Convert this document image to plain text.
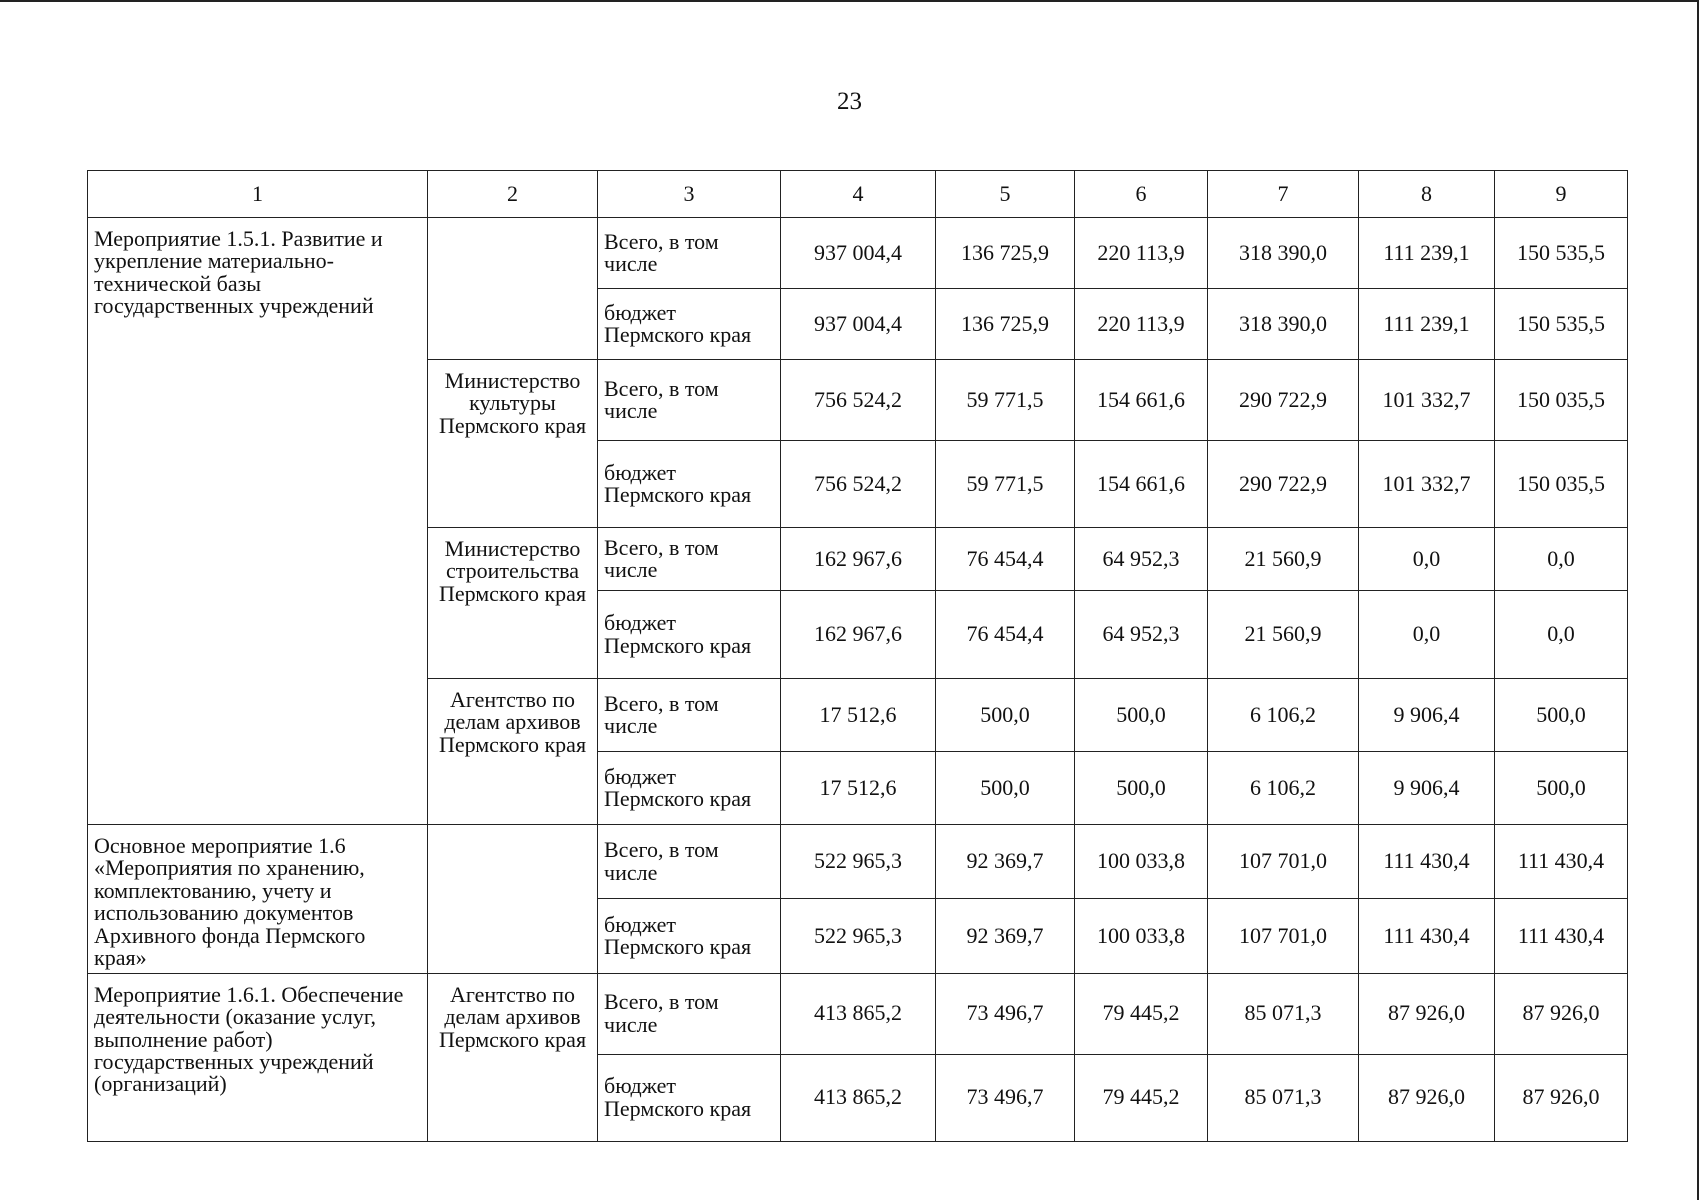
23
1	2	3	4	5	6	7	8	9
Мероприятие 1.5.1. Развитие и укрепление материально-технической базы государственных учреждений		Всего, в том числе	937 004,4	136 725,9	220 113,9	318 390,0	111 239,1	150 535,5
		бюджет Пермского края	937 004,4	136 725,9	220 113,9	318 390,0	111 239,1	150 535,5
	Министерство культуры Пермского края	Всего, в том числе	756 524,2	59 771,5	154 661,6	290 722,9	101 332,7	150 035,5
		бюджет Пермского края	756 524,2	59 771,5	154 661,6	290 722,9	101 332,7	150 035,5
	Министерство строительства Пермского края	Всего, в том числе	162 967,6	76 454,4	64 952,3	21 560,9	0,0	0,0
		бюджет Пермского края	162 967,6	76 454,4	64 952,3	21 560,9	0,0	0,0
	Агентство по делам архивов Пермского края	Всего, в том числе	17 512,6	500,0	500,0	6 106,2	9 906,4	500,0
		бюджет Пермского края	17 512,6	500,0	500,0	6 106,2	9 906,4	500,0
Основное мероприятие 1.6 «Мероприятия по хранению, комплектованию, учету и использованию документов Архивного фонда Пермского края»		Всего, в том числе	522 965,3	92 369,7	100 033,8	107 701,0	111 430,4	111 430,4
		бюджет Пермского края	522 965,3	92 369,7	100 033,8	107 701,0	111 430,4	111 430,4
Мероприятие 1.6.1. Обеспечение деятельности (оказание услуг, выполнение работ) государственных учреждений (организаций)	Агентство по делам архивов Пермского края	Всего, в том числе	413 865,2	73 496,7	79 445,2	85 071,3	87 926,0	87 926,0
		бюджет Пермского края	413 865,2	73 496,7	79 445,2	85 071,3	87 926,0	87 926,0
